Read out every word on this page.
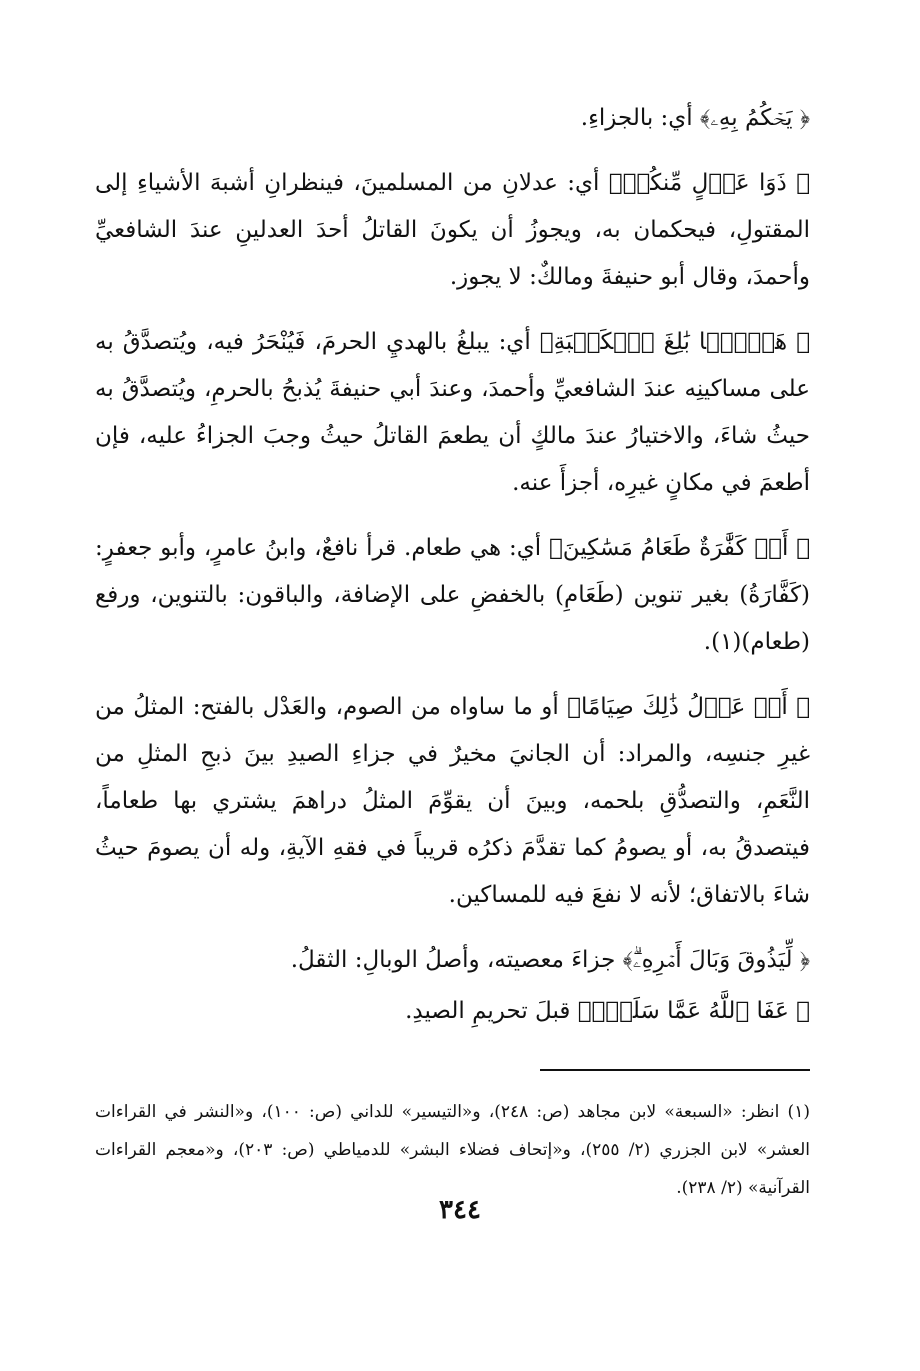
﴿ يَحۡكُمُ بِهِۦ﴾ أي: بالجزاءِ.

﴿ ذَوَا عَدۡلٍ مِّنكُمۡ﴾ أي: عدلانِ من المسلمينَ، فينظرانِ أشبهَ الأشياءِ إلى المقتولِ، فيحكمان به، ويجوزُ أن يكونَ القاتلُ أحدَ العدلينِ عندَ الشافعيِّ وأحمدَ، وقال أبو حنيفةَ ومالكٌ: لا يجوز.

﴿ هَدۡيَۢا بَٰلِغَ ٱلۡكَعۡبَةِ﴾ أي: يبلغُ بالهديِ الحرمَ، فَيُنْحَرُ فيه، ويُتصدَّقُ به على مساكينِه عندَ الشافعيِّ وأحمدَ، وعندَ أبي حنيفةَ يُذبحُ بالحرمِ، ويُتصدَّقُ به حيثُ شاءَ، والاختيارُ عندَ مالكٍ أن يطعمَ القاتلُ حيثُ وجبَ الجزاءُ عليه، فإن أطعمَ في مكانٍ غيرِه، أجزأَ عنه.

﴿ أَوۡ كَفَّٰرَةٌ طَعَامُ مَسَٰكِينَ﴾ أي: هي طعام. قرأ نافعٌ، وابنُ عامرٍ، وأبو جعفرٍ: (كَفَّارَةُ) بغير تنوين (طَعَامِ) بالخفضِ على الإضافة، والباقون: بالتنوين، ورفع (طعام)(١).

﴿ أَوۡ عَدۡلُ ذَٰلِكَ صِيَامًا﴾ أو ما ساواه من الصوم، والعَدْل بالفتح: المثلُ من غيرِ جنسِه، والمراد: أن الجانيَ مخيرٌ في جزاءِ الصيدِ بينَ ذبحِ المثلِ من النَّعَمِ، والتصدُّقِ بلحمه، وبينَ أن يقوِّمَ المثلُ دراهمَ يشتري بها طعاماً، فيتصدقُ به، أو يصومُ كما تقدَّمَ ذكرُه قريباً في فقهِ الآيةِ، وله أن يصومَ حيثُ شاءَ بالاتفاق؛ لأنه لا نفعَ فيه للمساكين.

﴿ لِّيَذُوقَ وَبَالَ أَمۡرِهِۦۗ﴾ جزاءَ معصيته، وأصلُ الوبالِ: الثقلُ.

﴿ عَفَا ٱللَّهُ عَمَّا سَلَفَۚ﴾ قبلَ تحريمِ الصيدِ.

(١) انظر: «السبعة» لابن مجاهد (ص: ٢٤٨)، و«التيسير» للداني (ص: ١٠٠)، و«النشر في القراءات العشر» لابن الجزري (٢/ ٢٥٥)، و«إتحاف فضلاء البشر» للدمياطي (ص: ٢٠٣)، و«معجم القراءات القرآنية» (٢/ ٢٣٨).

٣٤٤
